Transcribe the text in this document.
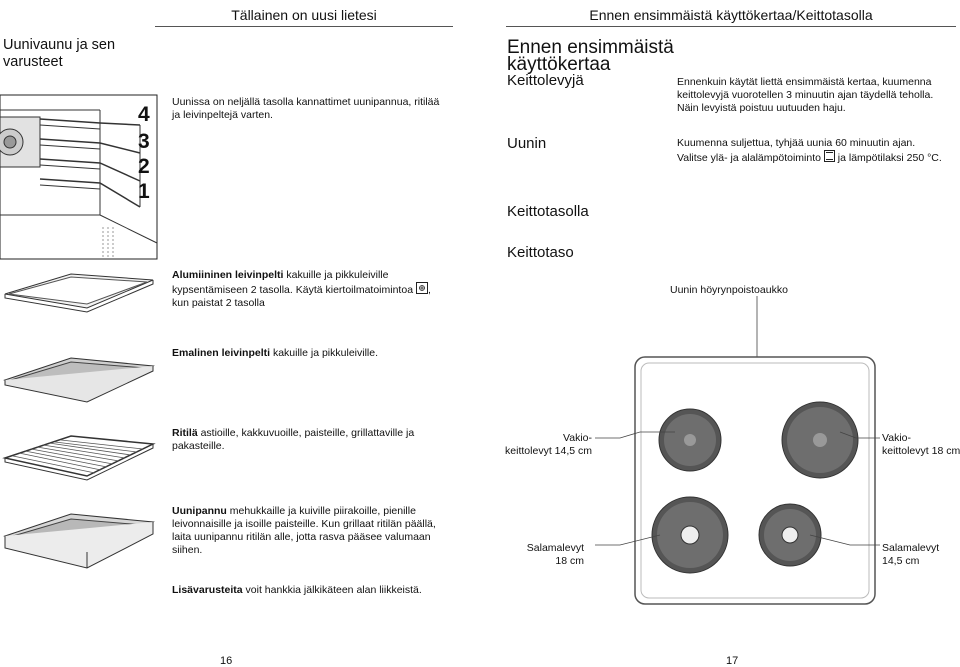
Tällainen on uusi lietesi
Uunivaunu ja sen varusteet
Uunissa on neljällä tasolla kannattimet uunipannua, ritilää ja leivinpeltejä varten.
4
3
2
1
Alumiininen leivinpelti kakuille ja pikkuleiville kypsentämiseen 2 tasolla. Käytä kiertoilmatoimintoa
, kun paistat 2 tasolla
Emalinen leivinpelti kakuille ja pikkuleiville.
Ritilä astioille, kakkuvuoille, paisteille, grillattaville ja pakasteille.
Uunipannu mehukkaille ja kuiville piirakoille, pienille leivonnaisille ja isoille paisteille. Kun grillaat ritilän päällä, laita uunipannu ritilän alle, jotta rasva pääsee valumaan siihen.
Lisävarusteita voit hankkia jälkikäteen alan liikkeistä.
16
Ennen ensimmäistä käyttökertaa/Keittotasolla
Ennen ensimmäistä
käyttökertaa
Keittolevyjä	Ennenkuin käytät liettä ensimmäistä kertaa, kuumenna keittolevyjä vuorotellen 3 minuutin ajan täydellä teholla. Näin levyistä poistuu uutuuden haju.
Uunin	Kuumenna suljettua, tyhjää uunia 60 minuutin ajan.
Valitse ylä- ja alalämpötoiminto
ja lämpötilaksi 250 °C.
Keittotasolla
Keittotaso
Uunin höyrynpoistoaukko
Vakio-
keittolevyt 14,5 cm
Vakio-
keittolevyt 18 cm
Salamalevyt
18 cm
Salamalevyt
14,5 cm
17
